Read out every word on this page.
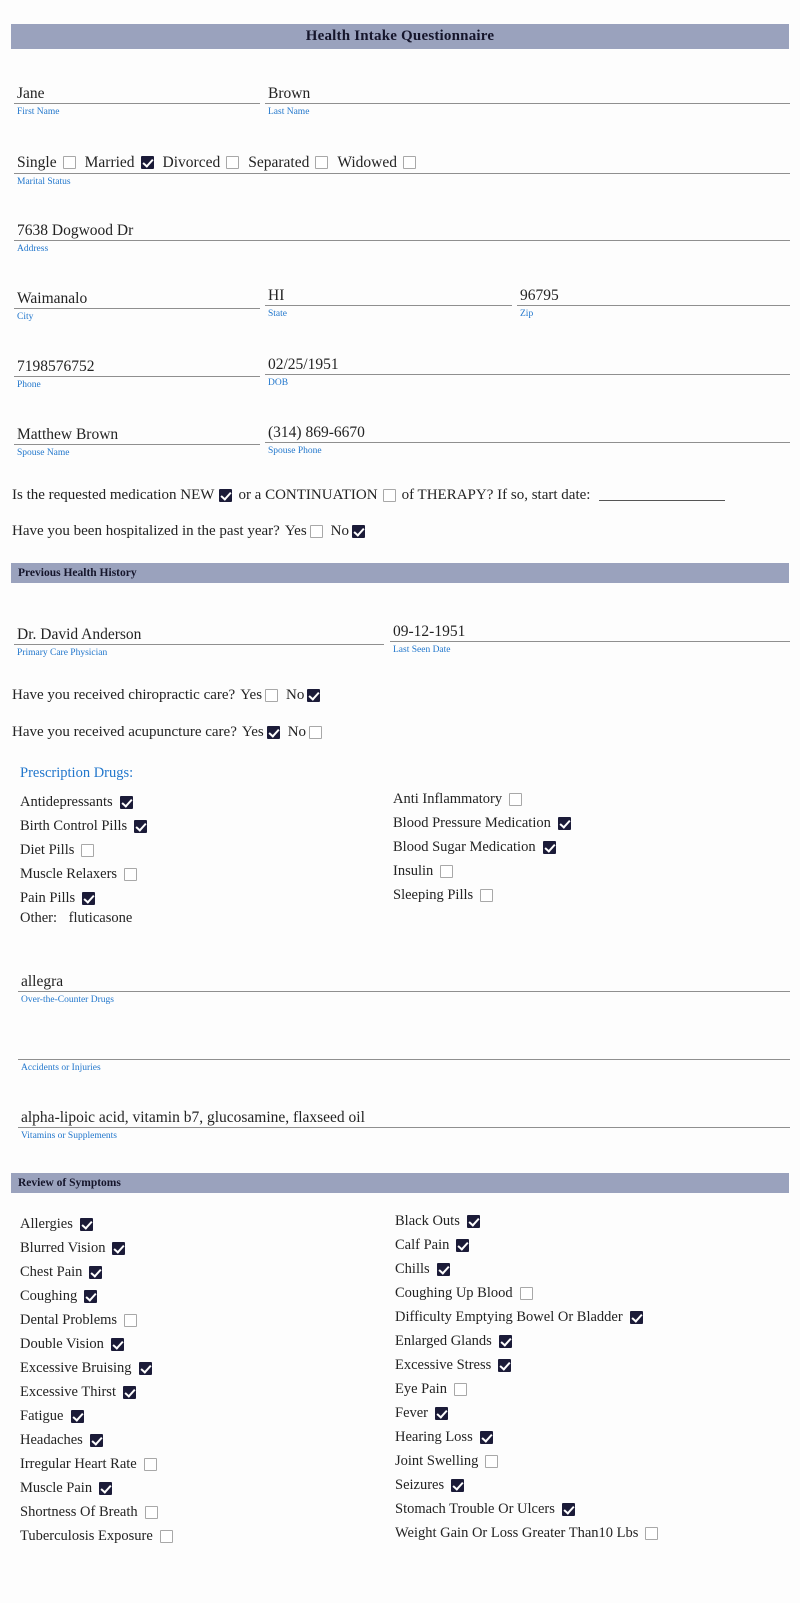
Health Intake Questionnaire
Jane
First Name
Brown
Last Name
Single Married Divorced Separated Widowed
Marital Status
7638 Dogwood Dr
Address
Waimanalo
City
HI
State
96795
Zip
7198576752
Phone
02/25/1951
DOB
Matthew Brown
Spouse Name
(314) 869-6670
Spouse Phone
Is the requested medication NEW or a CONTINUATION of THERAPY? If so, start date:
Have you been hospitalized in the past year? Yes No
Previous Health History
Dr. David Anderson
Primary Care Physician
09-12-1951
Last Seen Date
Have you received chiropractic care? Yes No
Have you received acupuncture care? Yes No
Prescription Drugs:
Antidepressants
Birth Control Pills
Diet Pills
Muscle Relaxers
Pain Pills
Anti Inflammatory
Blood Pressure Medication
Blood Sugar Medication
Insulin
Sleeping Pills
Other: fluticasone
allegra
Over-the-Counter Drugs
Accidents or Injuries
alpha-lipoic acid, vitamin b7, glucosamine, flaxseed oil
Vitamins or Supplements
Review of Symptoms
Allergies
Blurred Vision
Chest Pain
Coughing
Dental Problems
Double Vision
Excessive Bruising
Excessive Thirst
Fatigue
Headaches
Irregular Heart Rate
Muscle Pain
Shortness Of Breath
Tuberculosis Exposure
Black Outs
Calf Pain
Chills
Coughing Up Blood
Difficulty Emptying Bowel Or Bladder
Enlarged Glands
Excessive Stress
Eye Pain
Fever
Hearing Loss
Joint Swelling
Seizures
Stomach Trouble Or Ulcers
Weight Gain Or Loss Greater Than10 Lbs
